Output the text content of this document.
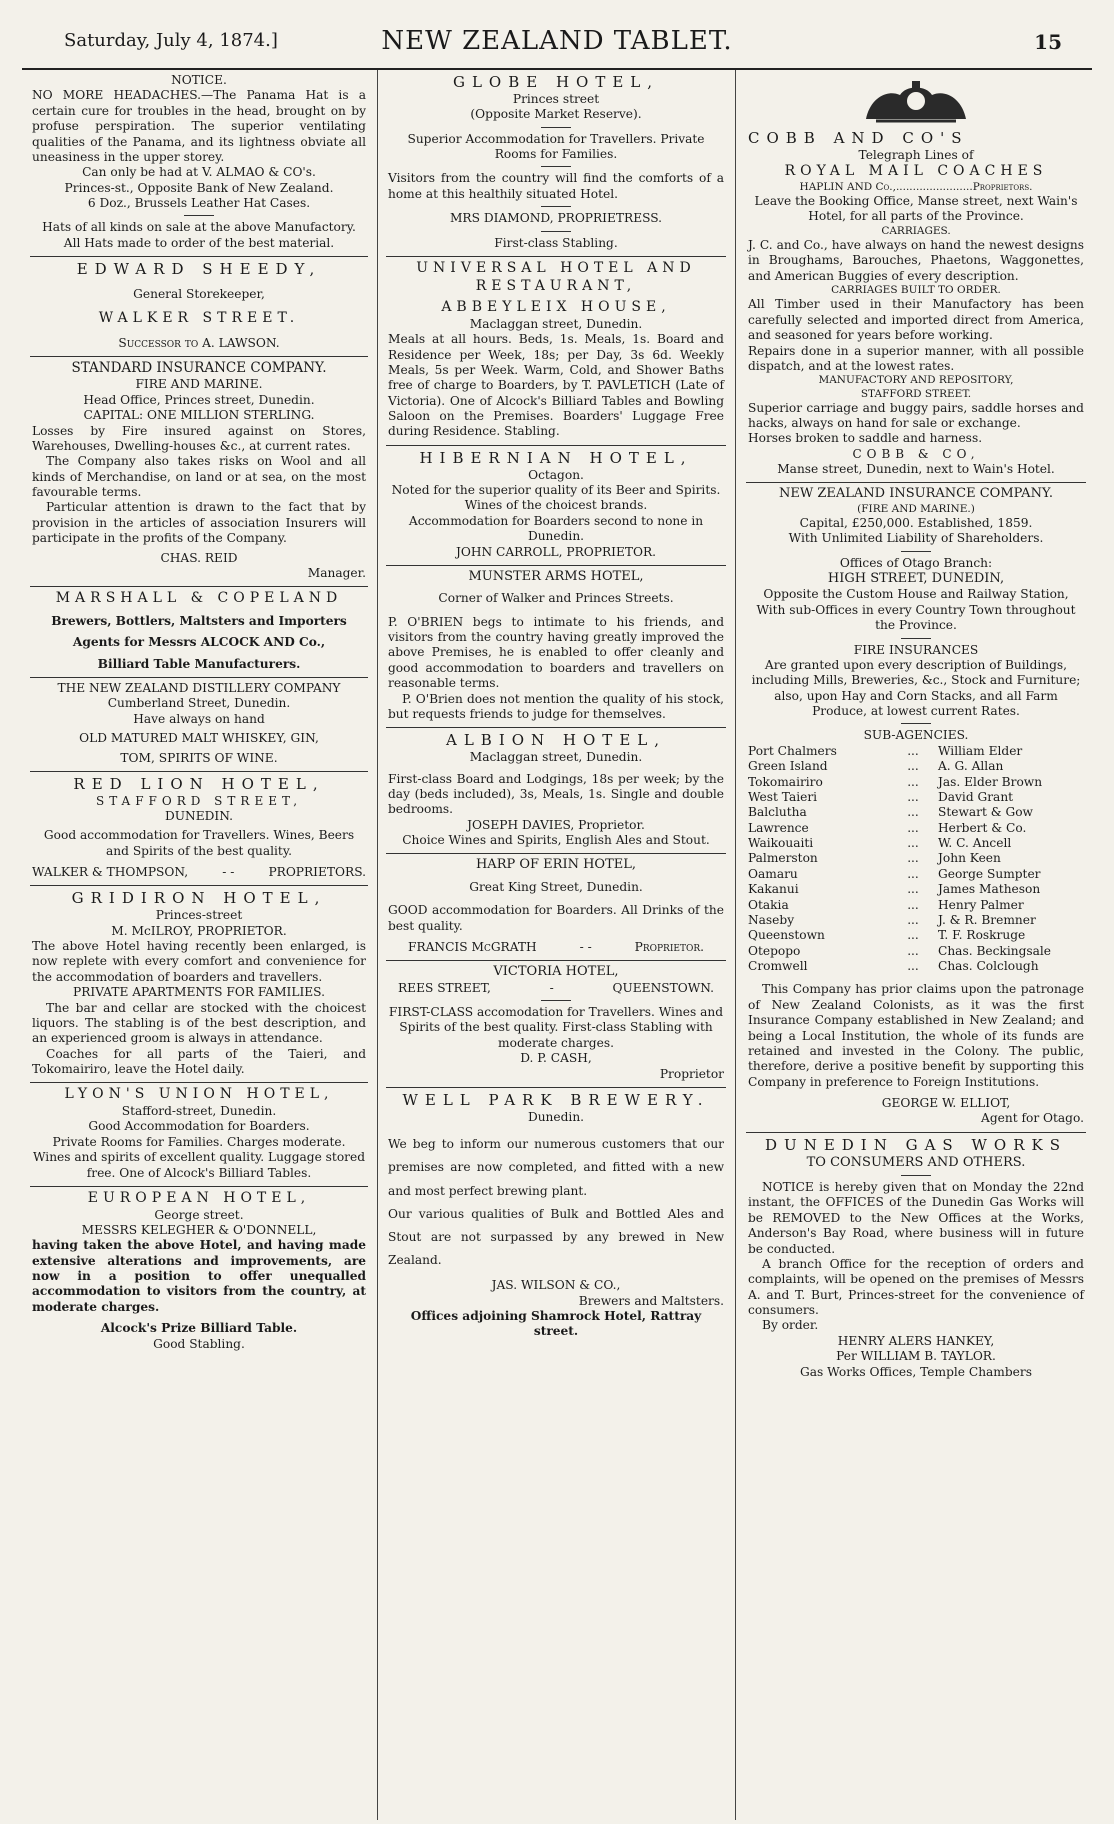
Saturday, July 4, 1874.]	NEW ZEALAND TABLET.	15
NOTICE.
NO MORE HEADACHES.—The Panama Hat is a certain cure for troubles in the head, brought on by profuse perspiration. The superior ventilating qualities of the Panama, and its lightness obviate all uneasiness in the upper storey.
Can only be had at V. ALMAO & CO's.
Princes-st., Opposite Bank of New Zealand.
6 Doz., Brussels Leather Hat Cases.
Hats of all kinds on sale at the above Manufactory.
All Hats made to order of the best material.
EDWARD SHEEDY,
General Storekeeper,
WALKER STREET.
Successor to A. LAWSON.
STANDARD INSURANCE COMPANY.
FIRE AND MARINE.
Head Office, Princes street, Dunedin.
CAPITAL: ONE MILLION STERLING.
Losses by Fire insured against on Stores, Warehouses, Dwelling-houses &c., at current rates.
The Company also takes risks on Wool and all kinds of Merchandise, on land or at sea, on the most favourable terms.
Particular attention is drawn to the fact that by provision in the articles of association Insurers will participate in the profits of the Company.
CHAS. REID
Manager.
MARSHALL & COPELAND
Brewers, Bottlers, Maltsters and Importers
Agents for Messrs ALCOCK AND Co.,
Billiard Table Manufacturers.
THE NEW ZEALAND DISTILLERY COMPANY
Cumberland Street, Dunedin.
Have always on hand
OLD MATURED MALT WHISKEY, GIN,
TOM, SPIRITS OF WINE.
RED LION HOTEL,
STAFFORD STREET,
DUNEDIN.
Good accommodation for Travellers. Wines, Beers and Spirits of the best quality.
WALKER & THOMPSON,	- -	PROPRIETORS.
GRIDIRON HOTEL,
Princes-street
M. McILROY, PROPRIETOR.
The above Hotel having recently been enlarged, is now replete with every comfort and convenience for the accommodation of boarders and travellers.
PRIVATE APARTMENTS FOR FAMILIES.
The bar and cellar are stocked with the choicest liquors. The stabling is of the best description, and an experienced groom is always in attendance.
Coaches for all parts of the Taieri, and Tokomairiro, leave the Hotel daily.
LYON'S UNION HOTEL,
Stafford-street, Dunedin.
Good Accommodation for Boarders.
Private Rooms for Families. Charges moderate. Wines and spirits of excellent quality. Luggage stored free. One of Alcock's Billiard Tables.
EUROPEAN HOTEL,
George street.
MESSRS KELEGHER & O'DONNELL,
having taken the above Hotel, and having made extensive alterations and improvements, are now in a position to offer unequalled accommodation to visitors from the country, at moderate charges.
Alcock's Prize Billiard Table.
Good Stabling.
GLOBE HOTEL,
Princes street
(Opposite Market Reserve).
Superior Accommodation for Travellers. Private Rooms for Families.
Visitors from the country will find the comforts of a home at this healthily situated Hotel.
MRS DIAMOND, PROPRIETRESS.
First-class Stabling.
UNIVERSAL HOTEL AND RESTAURANT,
ABBEYLEIX HOUSE,
Maclaggan street, Dunedin.
Meals at all hours. Beds, 1s. Meals, 1s. Board and Residence per Week, 18s; per Day, 3s 6d. Weekly Meals, 5s per Week. Warm, Cold, and Shower Baths free of charge to Boarders, by T. PAVLETICH (Late of Victoria). One of Alcock's Billiard Tables and Bowling Saloon on the Premises. Boarders' Luggage Free during Residence. Stabling.
HIBERNIAN HOTEL,
Octagon.
Noted for the superior quality of its Beer and Spirits.
Wines of the choicest brands.
Accommodation for Boarders second to none in Dunedin.
JOHN CARROLL, PROPRIETOR.
MUNSTER ARMS HOTEL,
Corner of Walker and Princes Streets.
P. O'BRIEN begs to intimate to his friends, and visitors from the country having greatly improved the above Premises, he is enabled to offer cleanly and good accommodation to boarders and travellers on reasonable terms.
P. O'Brien does not mention the quality of his stock, but requests friends to judge for themselves.
ALBION HOTEL,
Maclaggan street, Dunedin.
First-class Board and Lodgings, 18s per week; by the day (beds included), 3s, Meals, 1s. Single and double bedrooms.
JOSEPH DAVIES, Proprietor.
Choice Wines and Spirits, English Ales and Stout.
HARP OF ERIN HOTEL,
Great King Street, Dunedin.
GOOD accommodation for Boarders. All Drinks of the best quality.
FRANCIS McGRATH	- -	Proprietor.
VICTORIA HOTEL,
REES STREET,	-	QUEENSTOWN.
FIRST-CLASS accomodation for Travellers. Wines and Spirits of the best quality. First-class Stabling with moderate charges.
D. P. CASH,
Proprietor
WELL PARK BREWERY.
Dunedin.
We beg to inform our numerous customers that our premises are now completed, and fitted with a new and most perfect brewing plant.
Our various qualities of Bulk and Bottled Ales and Stout are not surpassed by any brewed in New Zealand.
JAS. WILSON & CO.,
Brewers and Maltsters.
Offices adjoining Shamrock Hotel, Rattray street.
COBB AND CO'S
Telegraph Lines of
ROYAL MAIL COACHES
HAPLIN AND Co.,.......................Proprietors.
Leave the Booking Office, Manse street, next Wain's Hotel, for all parts of the Province.
CARRIAGES.
J. C. and Co., have always on hand the newest designs in Broughams, Barouches, Phaetons, Waggonettes, and American Buggies of every description.
CARRIAGES BUILT TO ORDER.
All Timber used in their Manufactory has been carefully selected and imported direct from America, and seasoned for years before working.
Repairs done in a superior manner, with all possible dispatch, and at the lowest rates.
MANUFACTORY AND REPOSITORY,
STAFFORD STREET.
Superior carriage and buggy pairs, saddle horses and hacks, always on hand for sale or exchange.
Horses broken to saddle and harness.
COBB & CO,
Manse street, Dunedin, next to Wain's Hotel.
NEW ZEALAND INSURANCE COMPANY.
(FIRE AND MARINE.)
Capital, £250,000. Established, 1859.
With Unlimited Liability of Shareholders.
Offices of Otago Branch:
HIGH STREET, DUNEDIN,
Opposite the Custom House and Railway Station,
With sub-Offices in every Country Town throughout the Province.
FIRE INSURANCES
Are granted upon every description of Buildings, including Mills, Breweries, &c., Stock and Furniture; also, upon Hay and Corn Stacks, and all Farm Produce, at lowest current Rates.
SUB-AGENCIES.
Port Chalmers	...	William Elder
Green Island	...	A. G. Allan
Tokomairiro	...	Jas. Elder Brown
West Taieri	...	David Grant
Balclutha	...	Stewart & Gow
Lawrence	...	Herbert & Co.
Waikouaiti	...	W. C. Ancell
Palmerston	...	John Keen
Oamaru	...	George Sumpter
Kakanui	...	James Matheson
Otakia	...	Henry Palmer
Naseby	...	J. & R. Bremner
Queenstown	...	T. F. Roskruge
Otepopo	...	Chas. Beckingsale
Cromwell	...	Chas. Colclough
This Company has prior claims upon the patronage of New Zealand Colonists, as it was the first Insurance Company established in New Zealand; and being a Local Institution, the whole of its funds are retained and invested in the Colony. The public, therefore, derive a positive benefit by supporting this Company in preference to Foreign Institutions.
GEORGE W. ELLIOT,
Agent for Otago.
DUNEDIN GAS WORKS
TO CONSUMERS AND OTHERS.
NOTICE is hereby given that on Monday the 22nd instant, the OFFICES of the Dunedin Gas Works will be REMOVED to the New Offices at the Works, Anderson's Bay Road, where business will in future be conducted.
A branch Office for the reception of orders and complaints, will be opened on the premises of Messrs A. and T. Burt, Princes-street for the convenience of consumers.
By order.
HENRY ALERS HANKEY,
Per WILLIAM B. TAYLOR.
Gas Works Offices, Temple Chambers
